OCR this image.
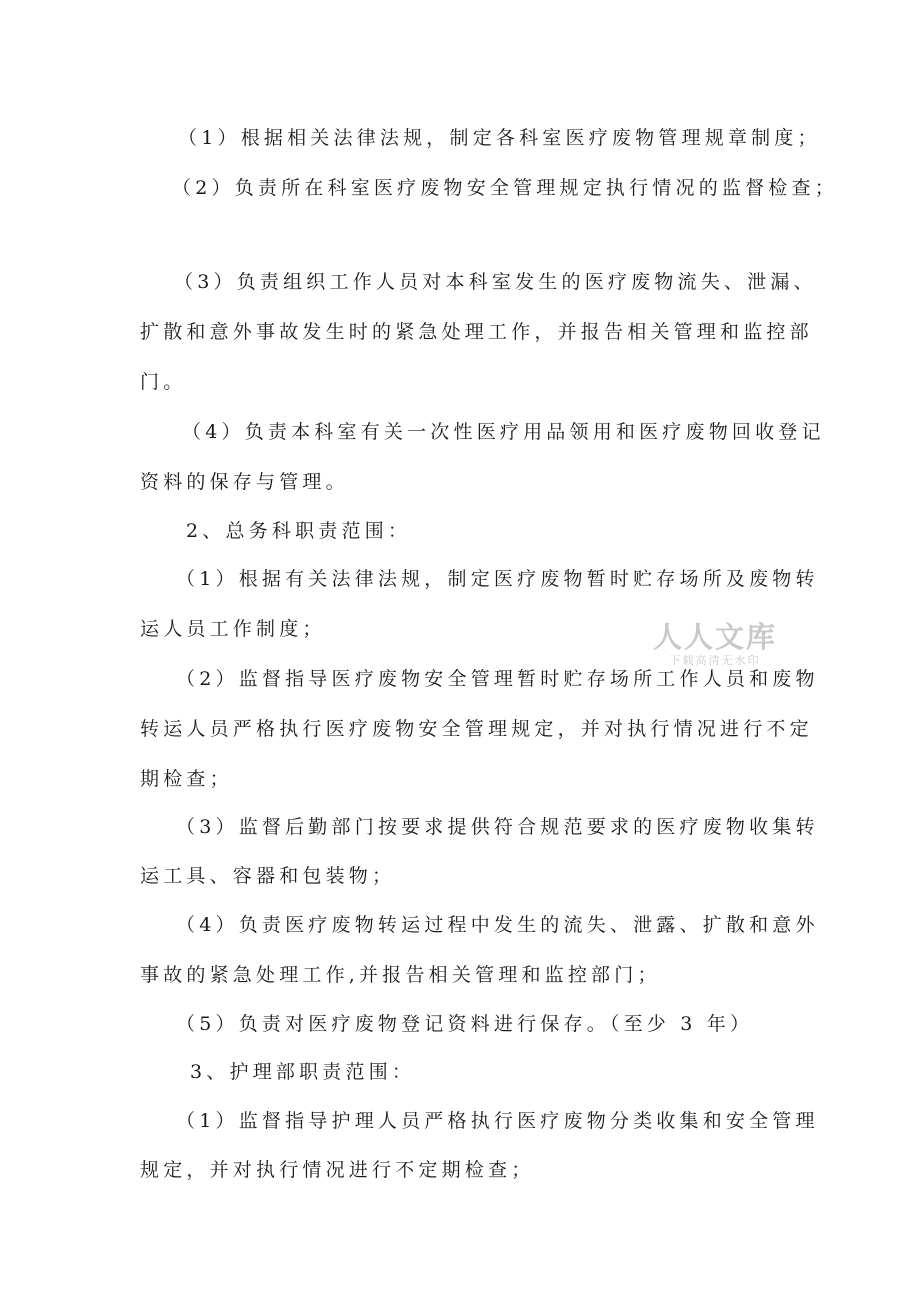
（1）根据相关法律法规，制定各科室医疗废物管理规章制度；
（2）负责所在科室医疗废物安全管理规定执行情况的监督检查；
（3）负责组织工作人员对本科室发生的医疗废物流失、泄漏、
扩散和意外事故发生时的紧急处理工作，并报告相关管理和监控部
门。
（4）负责本科室有关一次性医疗用品领用和医疗废物回收登记
资料的保存与管理。
2、总务科职责范围：
（1）根据有关法律法规，制定医疗废物暂时贮存场所及废物转
运人员工作制度；
（2）监督指导医疗废物安全管理暂时贮存场所工作人员和废物
转运人员严格执行医疗废物安全管理规定，并对执行情况进行不定
期检查；
（3）监督后勤部门按要求提供符合规范要求的医疗废物收集转
运工具、容器和包装物；
（4）负责医疗废物转运过程中发生的流失、泄露、扩散和意外
事故的紧急处理工作,并报告相关管理和监控部门；
（5）负责对医疗废物登记资料进行保存。（至少 3 年）
3、护理部职责范围：
（1）监督指导护理人员严格执行医疗废物分类收集和安全管理
规定，并对执行情况进行不定期检查；
人人文库
下载高清无水印
